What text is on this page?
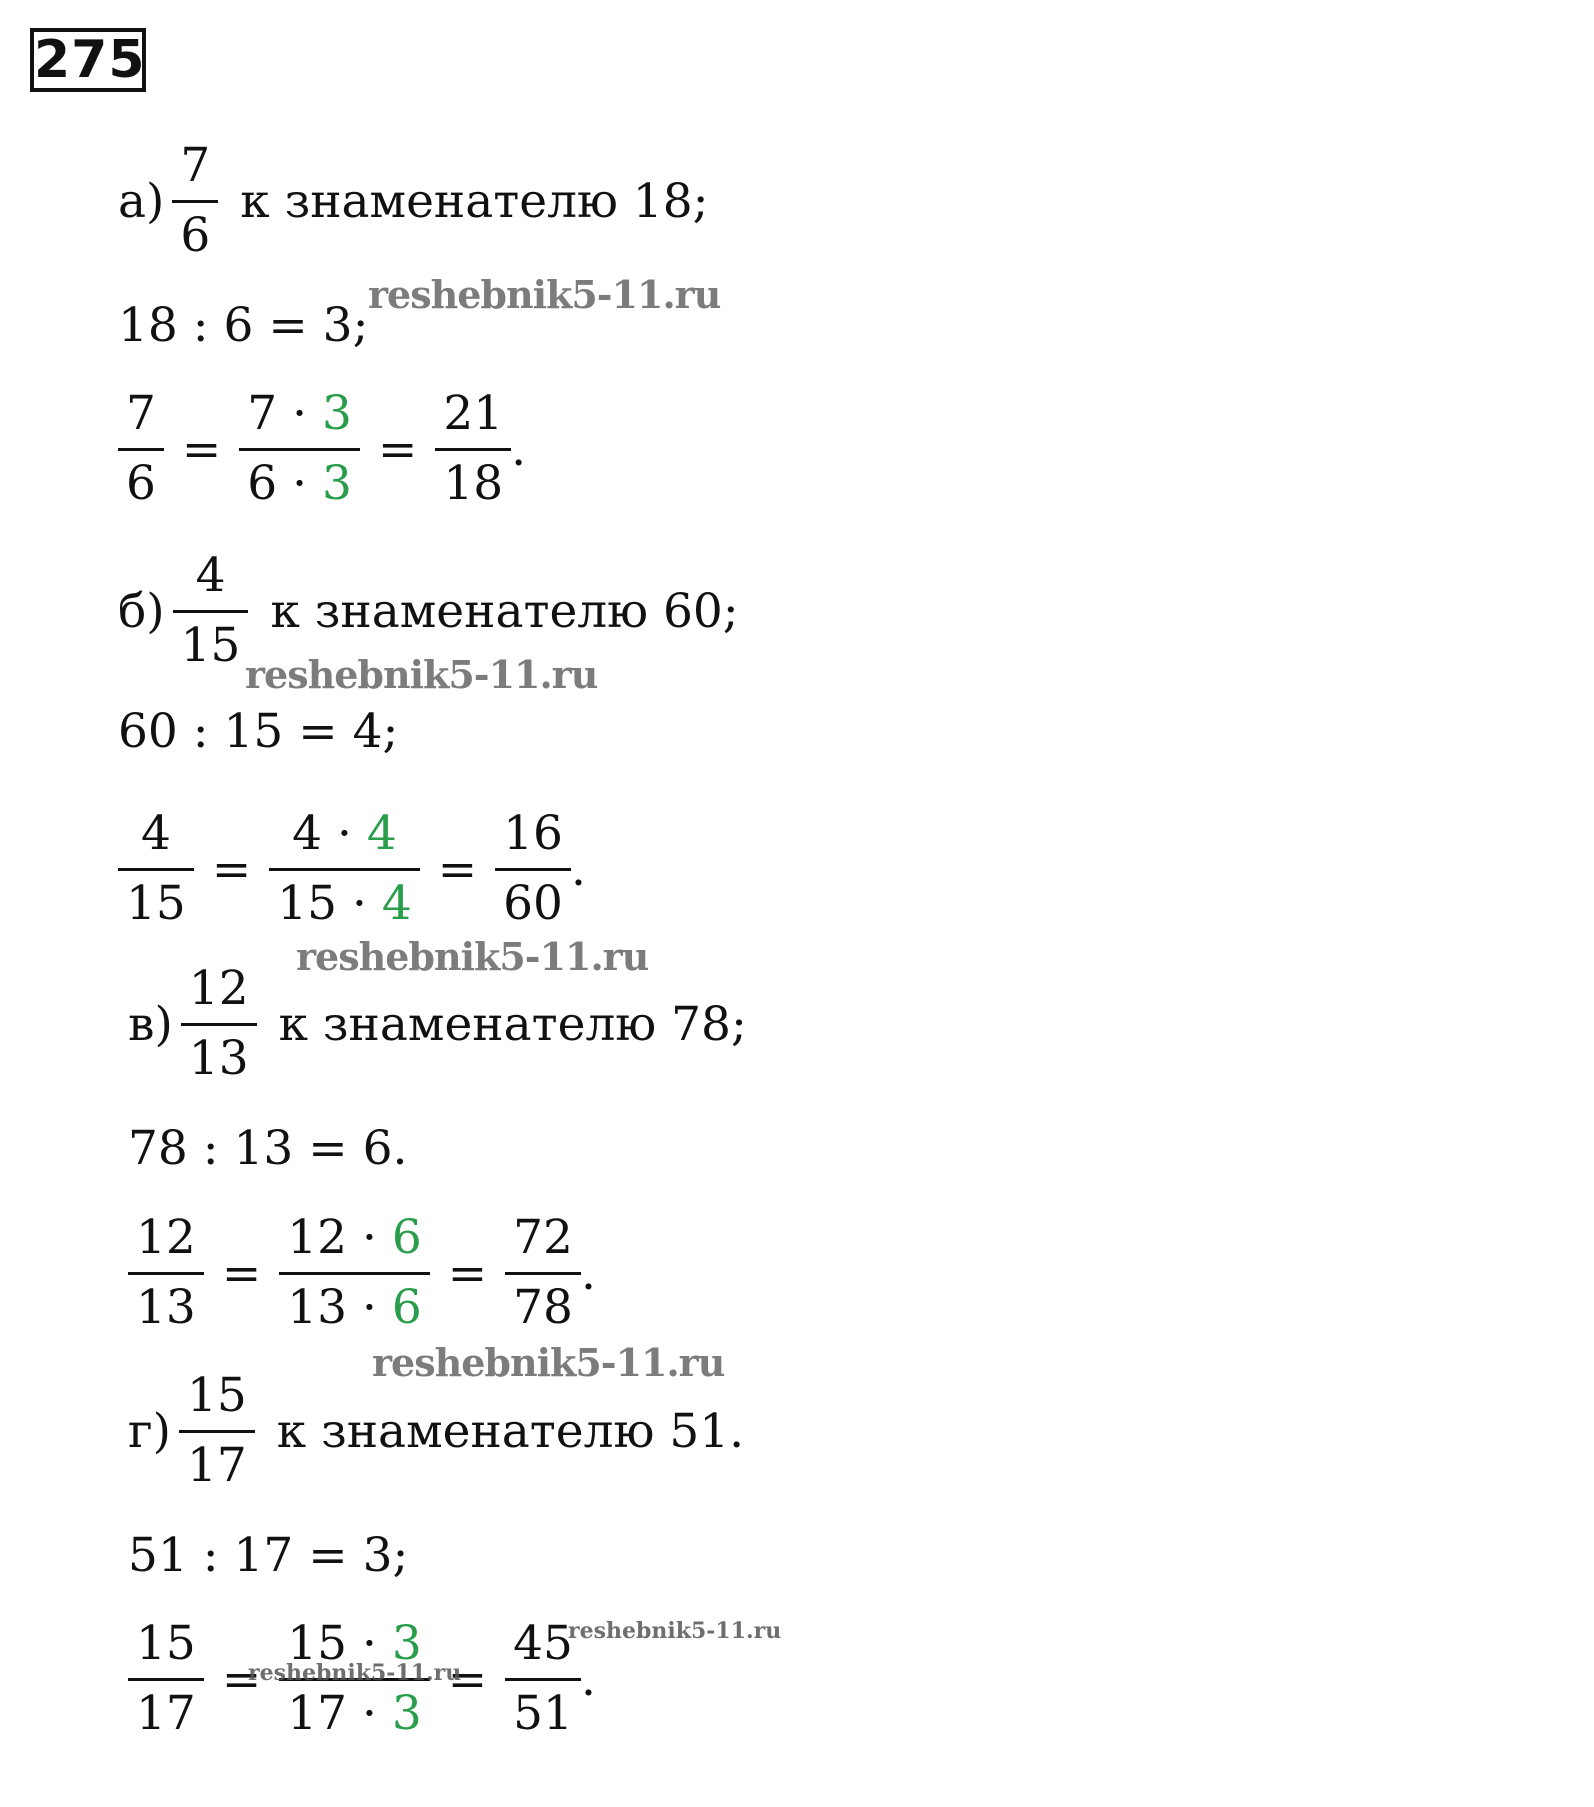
275
$а) \frac{7}{6}$ к знаменателю 18;
18 : 6 = 3;
$\frac{7}{6} = \frac{7 \cdot 3}{6 \cdot 3} = \frac{21}{18}$ .
$б) \frac{4}{15}$ к знаменателю 60;
60 : 15 = 4;
$\frac{4}{15} = \frac{4 \cdot 4}{15 \cdot 4} = \frac{16}{60}$ .
$в) \frac{12}{13}$ к знаменателю 78;
78 : 13 = 6.
$\frac{12}{13} = \frac{12 \cdot 6}{13 \cdot 6} = \frac{72}{78}$ .
$г) \frac{15}{17}$ к знаменателю 51.
51 : 17 = 3;
$\frac{15}{17} = \frac{15 \cdot 3}{17 \cdot 3} = \frac{45}{51}$ .
reshebnik5-11.ru
reshebnik5-11.ru
reshebnik5-11.ru
reshebnik5-11.ru
reshebnik5-11.ru
reshebnik5-11.ru
